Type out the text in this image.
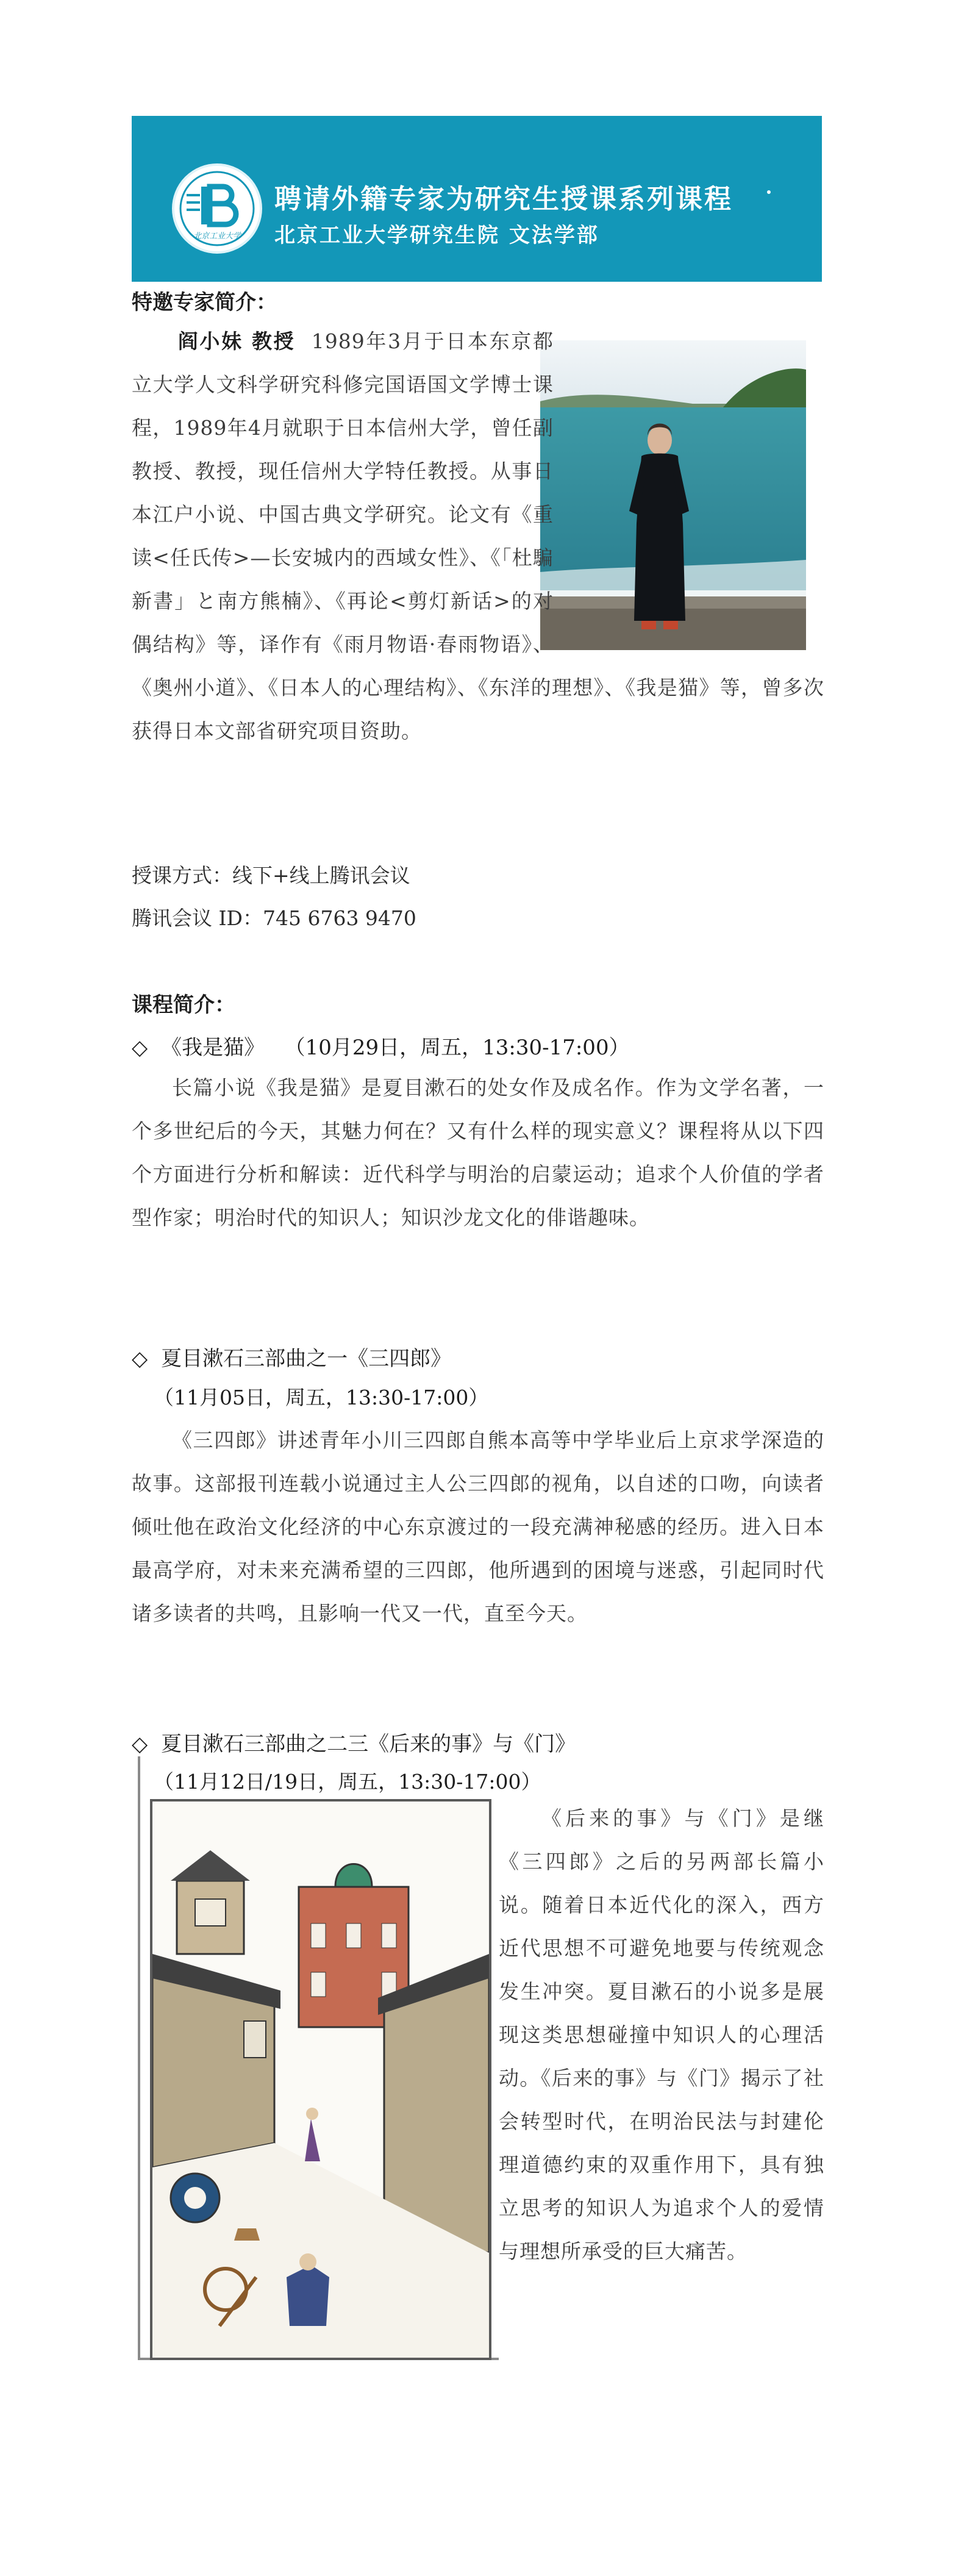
北京工业大学
聘请外籍专家为研究生授课系列课程
北京工业大学研究生院 文法学部
特邀专家简介：
阎小妹 教授 1989年3月于日本东京都立大学人文科学研究科修完国语国文学博士课程，1989年4月就职于日本信州大学，曾任副教授、教授，现任信州大学特任教授。从事日本江户小说、中国古典文学研究。论文有《重读<任氏传>—长安城内的西域女性》、《「杜騙新書」と南方熊楠》、《再论<剪灯新话>的对偶结构》等，译作有《雨月物语·春雨物语》、《奥州小道》、《日本人的心理结构》、《东洋的理想》、《我是猫》等，曾多次获得日本文部省研究项目资助。
授课方式：线下+线上腾讯会议
腾讯会议 ID：745 6763 9470
课程简介：
◇ 《我是猫》 （10月29日，周五，13:30-17:00）
长篇小说《我是猫》是夏目漱石的处女作及成名作。作为文学名著，一个多世纪后的今天，其魅力何在？又有什么样的现实意义？课程将从以下四个方面进行分析和解读：近代科学与明治的启蒙运动；追求个人价值的学者型作家；明治时代的知识人；知识沙龙文化的俳谐趣味。
◇ 夏目漱石三部曲之一《三四郎》
（11月05日，周五，13:30-17:00）
《三四郎》讲述青年小川三四郎自熊本高等中学毕业后上京求学深造的故事。这部报刊连载小说通过主人公三四郎的视角，以自述的口吻，向读者倾吐他在政治文化经济的中心东京渡过的一段充满神秘感的经历。进入日本最高学府，对未来充满希望的三四郎，他所遇到的困境与迷惑，引起同时代诸多读者的共鸣，且影响一代又一代，直至今天。
◇ 夏目漱石三部曲之二三《后来的事》与《门》
（11月12日/19日，周五，13:30-17:00）
《后来的事》与《门》是继《三四郎》之后的另两部长篇小说。随着日本近代化的深入，西方近代思想不可避免地要与传统观念发生冲突。夏目漱石的小说多是展现这类思想碰撞中知识人的心理活动。《后来的事》与《门》揭示了社会转型时代，在明治民法与封建伦理道德约束的双重作用下，具有独立思考的知识人为追求个人的爱情与理想所承受的巨大痛苦。
